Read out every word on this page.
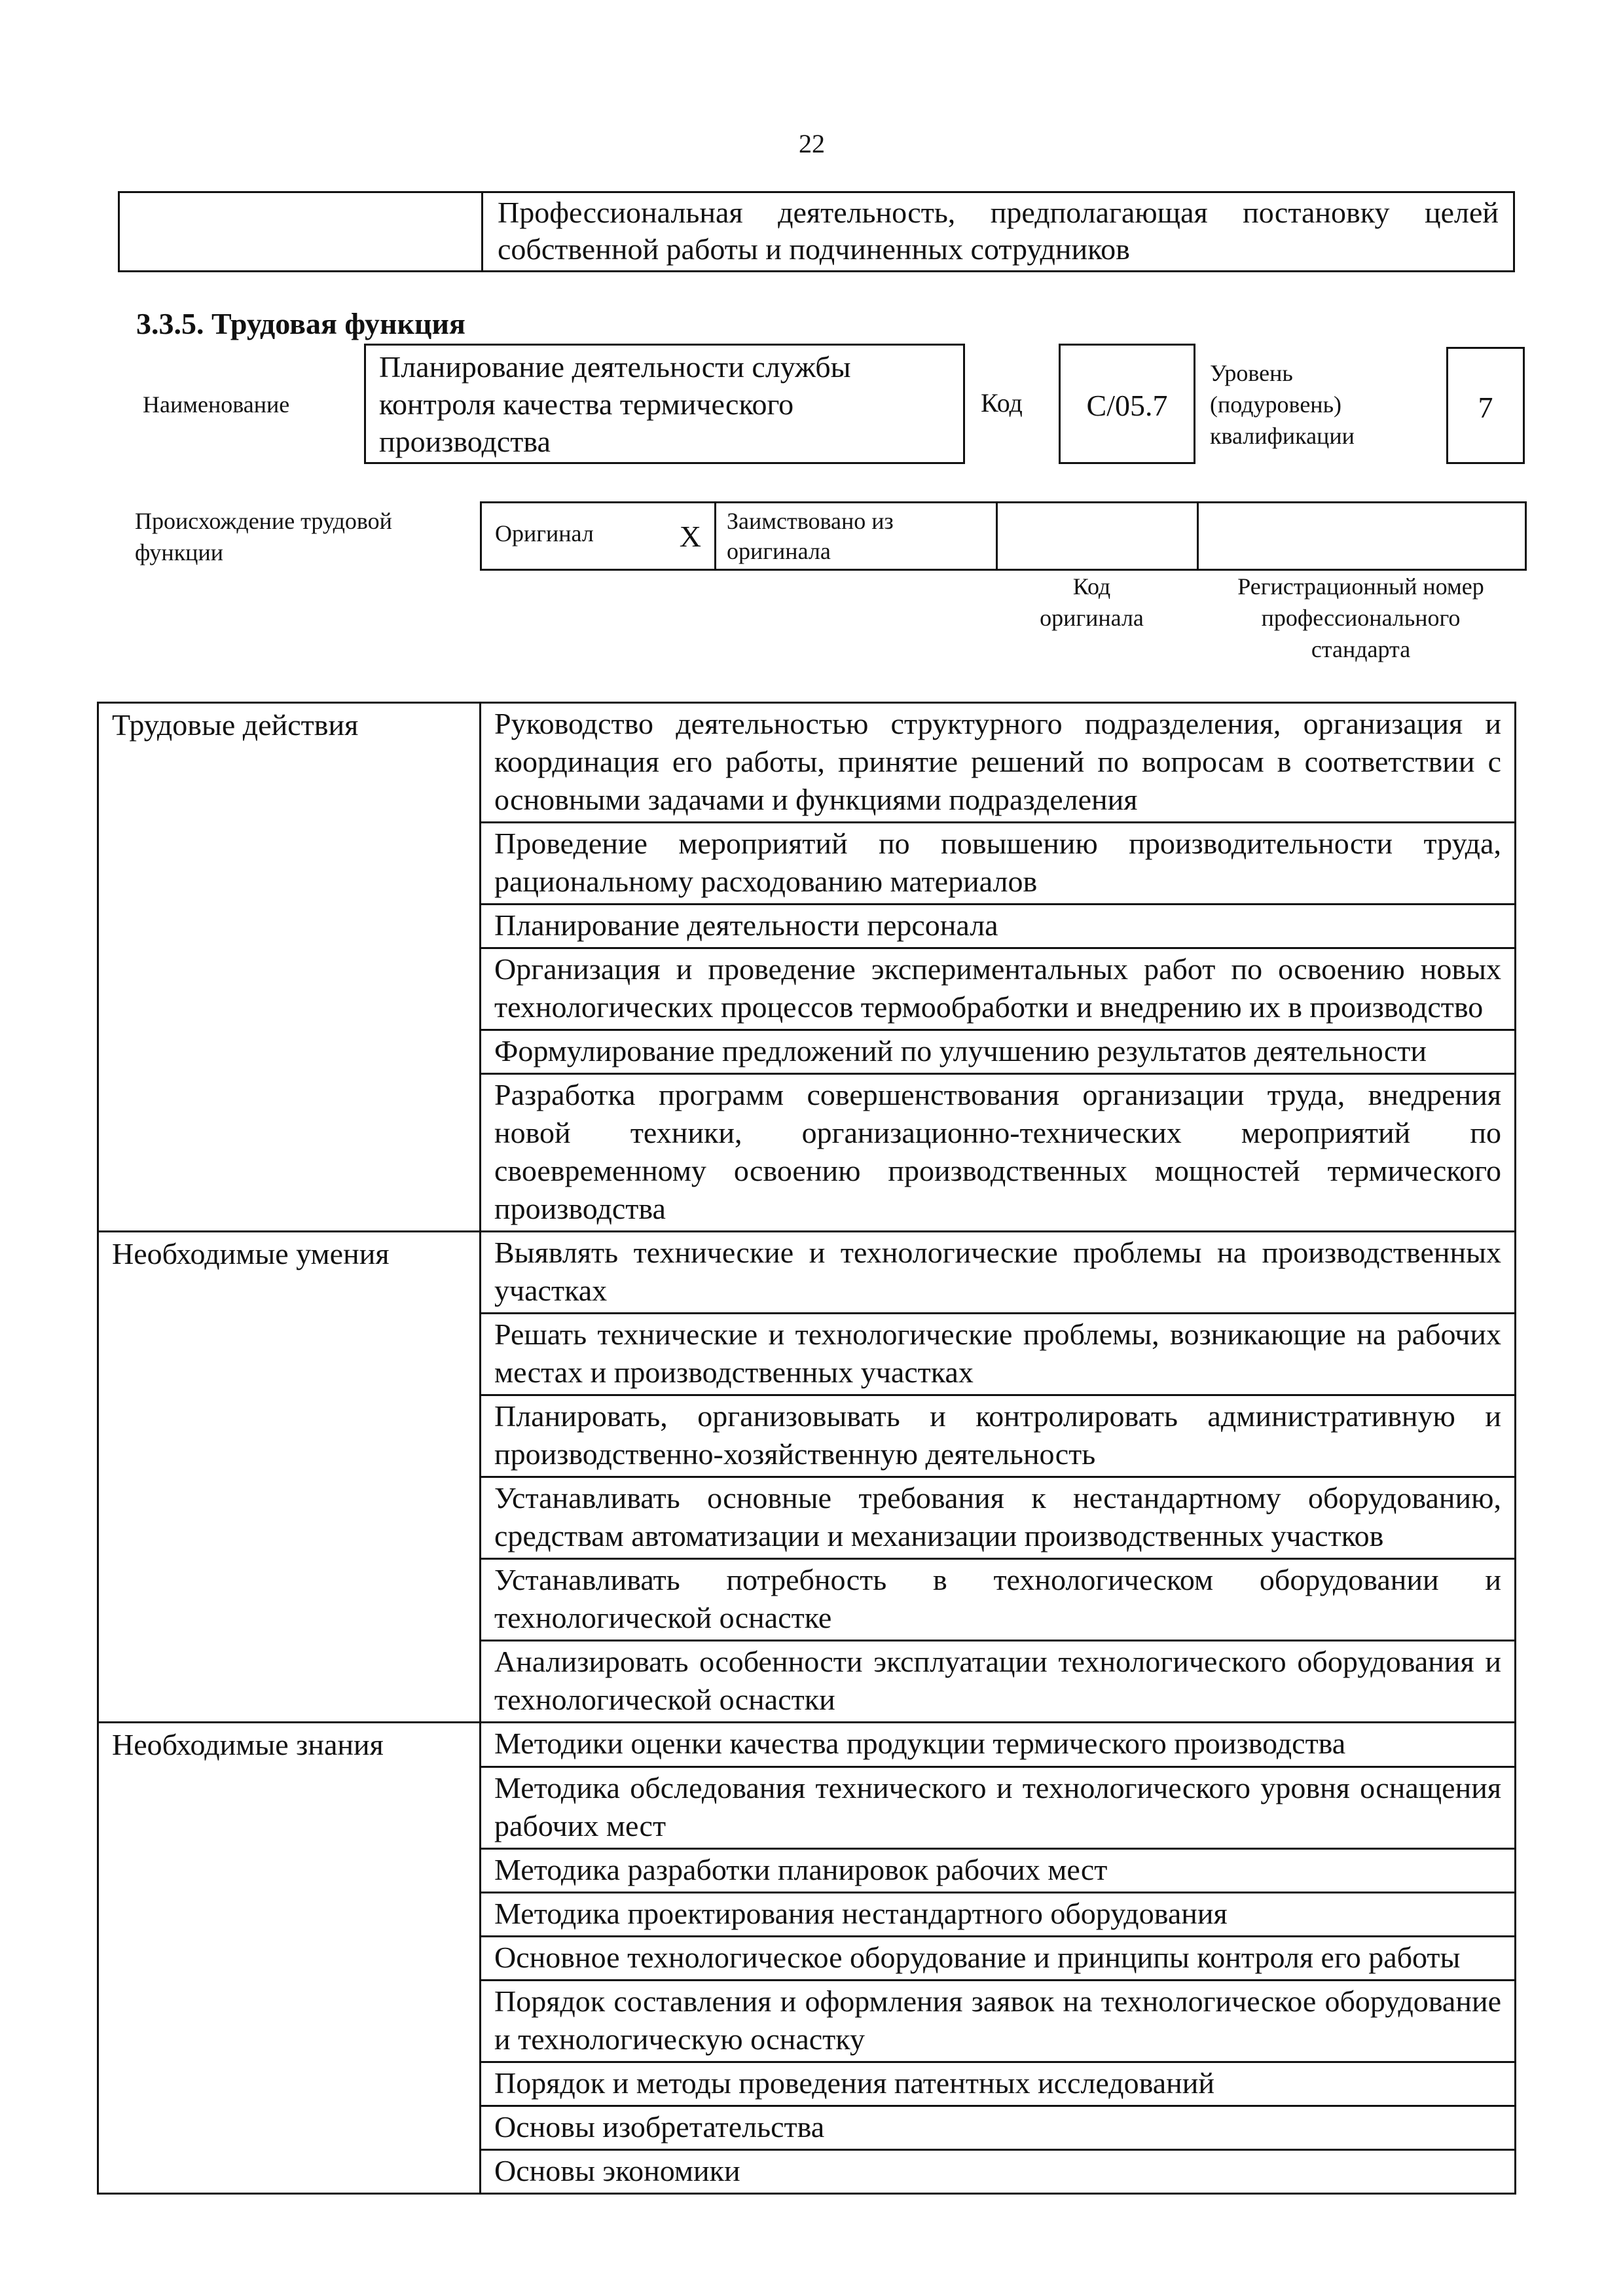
22

Профессиональная деятельность, предполагающая постановку целей
собственной работы и подчиненных сотрудников
3.3.5. Трудовая функция
Наименование
Планирование деятельности службы
контроля качества термического
производства
Код	C/05.7
Уровень
(подуровень)
квалификации
7
Происхождение трудовой
функции
Оригинал	X	Заимствовано из
оригинала

Код
оригинала
Регистрационный номер
профессионального
стандарта
Трудовые действия	Руководство деятельностью структурного подразделения, организация и координация его работы, принятие решений по вопросам в соответствии с основными задачами и функциями подразделения
	Проведение мероприятий по повышению производительности труда, рациональному расходованию материалов
	Планирование деятельности персонала
	Организация и проведение экспериментальных работ по освоению новых технологических процессов термообработки и внедрению их в производство
	Формулирование предложений по улучшению результатов деятельности
	Разработка программ совершенствования организации труда, внедрения новой техники, организационно-технических мероприятий по своевременному освоению производственных мощностей термического производства
Необходимые умения	Выявлять технические и технологические проблемы на производственных участках
	Решать технические и технологические проблемы, возникающие на рабочих местах и производственных участках
	Планировать, организовывать и контролировать административную и производственно-хозяйственную деятельность
	Устанавливать основные требования к нестандартному оборудованию, средствам автоматизации и механизации производственных участков
	Устанавливать потребность в технологическом оборудовании и технологической оснастке
	Анализировать особенности эксплуатации технологического оборудования и технологической оснастки
Необходимые знания	Методики оценки качества продукции термического производства
	Методика обследования технического и технологического уровня оснащения рабочих мест
	Методика разработки планировок рабочих мест
	Методика проектирования нестандартного оборудования
	Основное технологическое оборудование и принципы контроля его работы
	Порядок составления и оформления заявок на технологическое оборудование и технологическую оснастку
	Порядок и методы проведения патентных исследований
	Основы изобретательства
	Основы экономики
